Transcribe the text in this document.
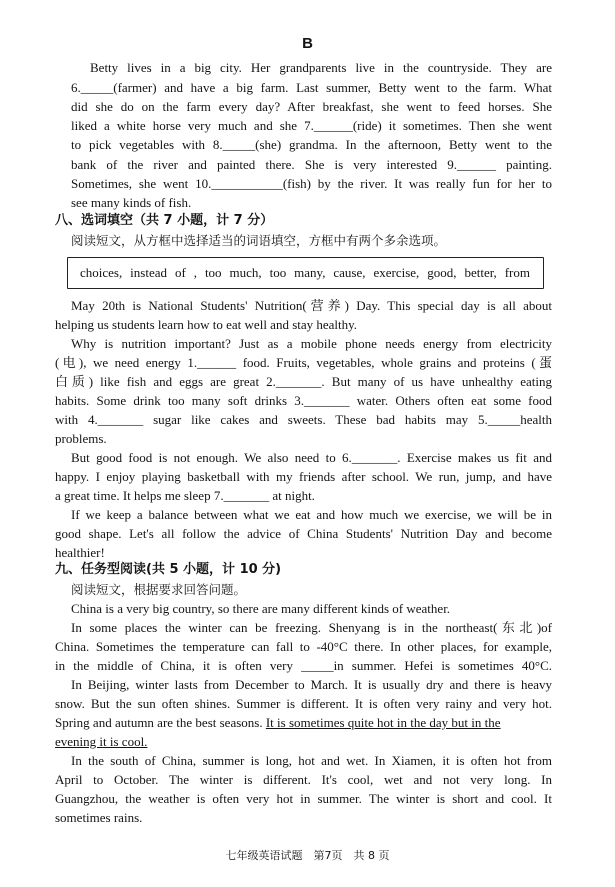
B
Betty lives in a big city. Her grandparents live in the countryside. They are
6._____(farmer) and have a big farm. Last summer, Betty went to the farm. What
did she do on the farm every day? After breakfast, she went to feed horses. She
liked a white horse very much and she 7.______(ride) it sometimes. Then she went
to pick vegetables with 8._____(she) grandma. In the afternoon, Betty went to the
bank of the river and painted there. She is very interested 9.______ painting.
Sometimes, she went 10.___________(fish) by the river. It was really fun for her to
see many kinds of fish.
八、选词填空（共 7 小题，计 7 分）
阅读短文，从方框中选择适当的词语填空，方框中有两个多余选项。
choices, instead of , too much, too many, cause, exercise, good, better, from
May 20th is National Students' Nutrition(营养) Day. This special day is all about
helping us students learn how to eat well and stay healthy.
Why is nutrition important? Just as a mobile phone needs energy from electricity
(电), we need energy 1.______ food. Fruits, vegetables, whole grains and proteins (蛋
白质) like fish and eggs are great 2._______. But many of us have unhealthy eating
habits. Some drink too many soft drinks 3._______ water. Others often eat some food
with 4._______ sugar like cakes and sweets. These bad habits may 5._____health
problems.
But good food is not enough. We also need to 6._______. Exercise makes us fit and
happy. I enjoy playing basketball with my friends after school. We run, jump, and have
a great time. It helps me sleep 7._______ at night.
If we keep a balance between what we eat and how much we exercise, we will be in
good shape. Let's all follow the advice of China Students' Nutrition Day and become
healthier!
九、任务型阅读(共 5 小题，计 10 分)
阅读短文，根据要求回答问题。
China is a very big country, so there are many different kinds of weather.
In some places the winter can be freezing. Shenyang is in the northeast(东北)of
China. Sometimes the temperature can fall to -40°C there. In other places, for example,
in the middle of China, it is often very _____in summer. Hefei is sometimes 40°C.
In Beijing, winter lasts from December to March. It is usually dry and there is heavy
snow. But the sun often shines. Summer is different. It is often very rainy and very hot.
Spring and autumn are the best seasons. It is sometimes quite hot in the day but in the
evening it is cool.
In the south of China, summer is long, hot and wet. In Xiamen, it is often hot from
April to October. The winter is different. It's cool, wet and not very long. In
Guangzhou, the weather is often very hot in summer. The winter is short and cool. It
sometimes rains.
七年级英语试题　第7页　共 8 页
